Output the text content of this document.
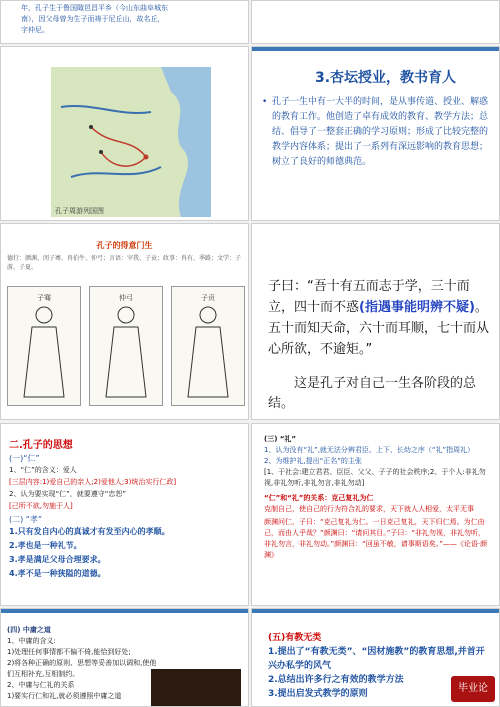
年，孔子生于鲁国陬邑昌平乡（今山东曲阜城东
南），因父母曾为生子而祷于尼丘山，故名丘，
字仲尼。
孔子周游列国图
3.杏坛授业，教书育人
• 孔子一生中有一大半的时间，是从事传道、授业、解惑的教育工作。他创造了卓有成效的教育、教学方法；总结、倡导了一整套正确的学习原则；形成了比较完整的教学内容体系；提出了一系列有深远影响的教育思想；树立了良好的师德典范。
孔子的得意门生
德行：颜渊、闵子骞、冉伯牛、仲弓；言语：宰我、子贡；政事：冉有、季路；文学：子游、子夏。
子骞	仲弓	子贡
子曰：“吾十有五而志于学，三十而立，四十而不惑(指遇事能明辨不疑)。五十而知天命，六十而耳顺，七十而从心所欲，不逾矩。”
这是孔子对自己一生各阶段的总结。
二.孔子的思想
(一)“仁”
1、“仁”的含义：爱人
[三层内容:1)爱自己的亲人;2)爱他人;3)统治实行仁政]
2、认为要实现“仁”，就要遵守“忠恕”
[己所不欲,勿施于人]
(二) “孝”
1.只有发自内心的真诚才有发至内心的孝顺。
2.孝也是一种礼节。
3.孝是满足父母合理要求。
4.孝不是一种狭隘的道德。
(三) “礼”
1、认为没有“礼”,就无法分辨君臣、上下、长幼之序（“礼”指周礼）
2、为维护礼,提出“正名”的主张
[1、于社会:建立君君、臣臣、父父、子子的社会秩序;2、于个人:非礼勿视,非礼勿听,非礼勿言,非礼勿动]
“仁”和“礼”的关系：克己复礼为仁
克制自己，使自己的行为符合礼的要求，天下就人人相爱，太平无事
颜渊问仁，子曰：“克己复礼为仁。一日克己复礼，天下归仁焉。为仁由己，而由人乎哉？”颜渊曰：“请问其目。”子曰：“非礼勿视，非礼勿听，非礼勿言，非礼勿动。”颜渊曰：“回虽不敏，请事斯语矣。”——《论语·颜渊》
(四) 中庸之道
1、中庸的含义:
1)处理任何事情都不偏不倚,能恰到好处;
2)将各种正确的原则、思想等妥善加以调和,使他们互相补充,互相制约。
2、中庸与仁礼的关系
1)要实行仁和礼,就必须遵照中庸之道
(五)有教无类
1.提出了“有教无类”、“因材施教”的教育思想,并首开兴办私学的风气
2.总结出许多行之有效的教学方法
3.提出启发式教学的原则	毕业论
